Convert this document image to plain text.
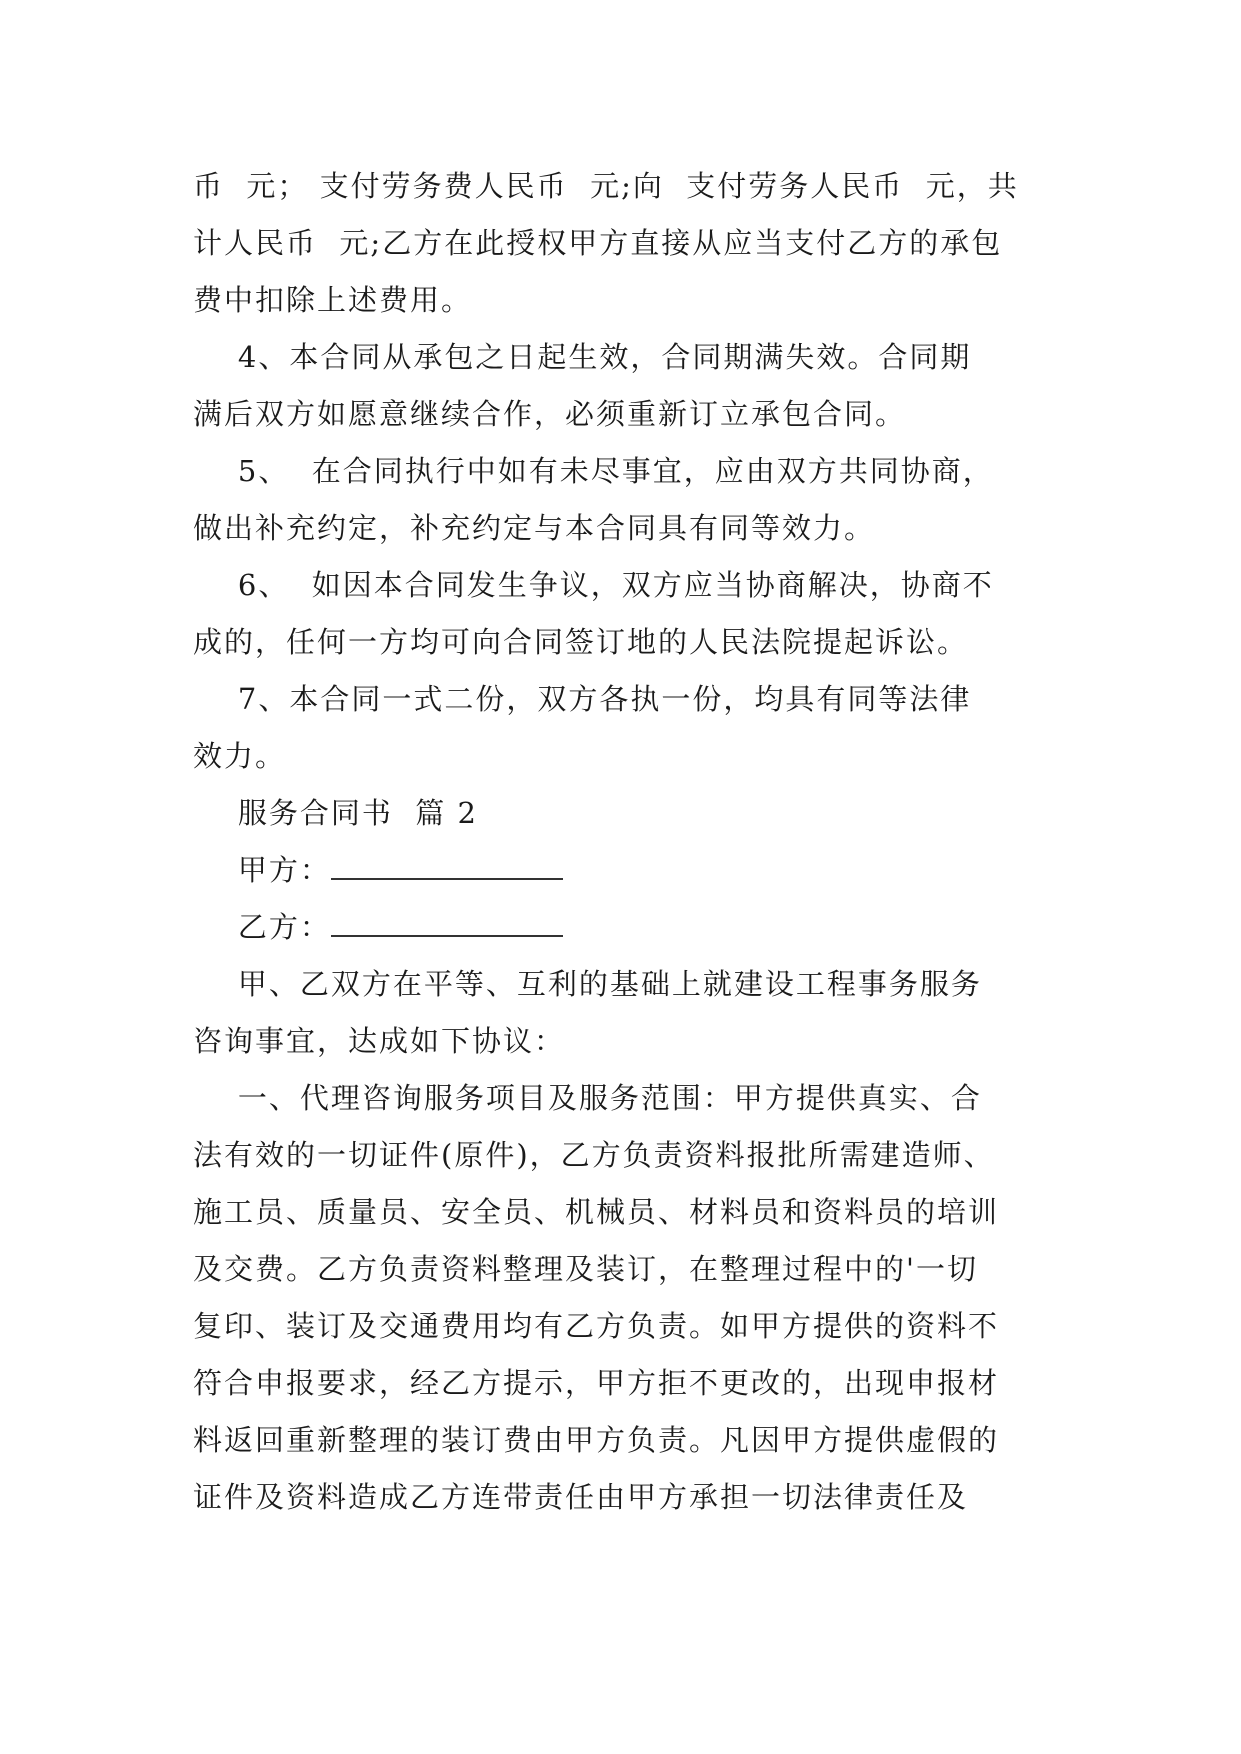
币  元； 支付劳务费人民币  元;向  支付劳务人民币  元，共
计人民币  元;乙方在此授权甲方直接从应当支付乙方的承包
费中扣除上述费用。
4、本合同从承包之日起生效，合同期满失效。合同期
满后双方如愿意继续合作，必须重新订立承包合同。
5、  在合同执行中如有未尽事宜，应由双方共同协商，
做出补充约定，补充约定与本合同具有同等效力。
6、  如因本合同发生争议，双方应当协商解决，协商不
成的，任何一方均可向合同签订地的人民法院提起诉讼。
7、本合同一式二份，双方各执一份，均具有同等法律
效力。
服务合同书  篇 2
甲方：
乙方：
甲、乙双方在平等、互利的基础上就建设工程事务服务
咨询事宜，达成如下协议：
一、代理咨询服务项目及服务范围：甲方提供真实、合
法有效的一切证件(原件)，乙方负责资料报批所需建造师、
施工员、质量员、安全员、机械员、材料员和资料员的培训
及交费。乙方负责资料整理及装订，在整理过程中的'一切
复印、装订及交通费用均有乙方负责。如甲方提供的资料不
符合申报要求，经乙方提示，甲方拒不更改的，出现申报材
料返回重新整理的装订费由甲方负责。凡因甲方提供虚假的
证件及资料造成乙方连带责任由甲方承担一切法律责任及
